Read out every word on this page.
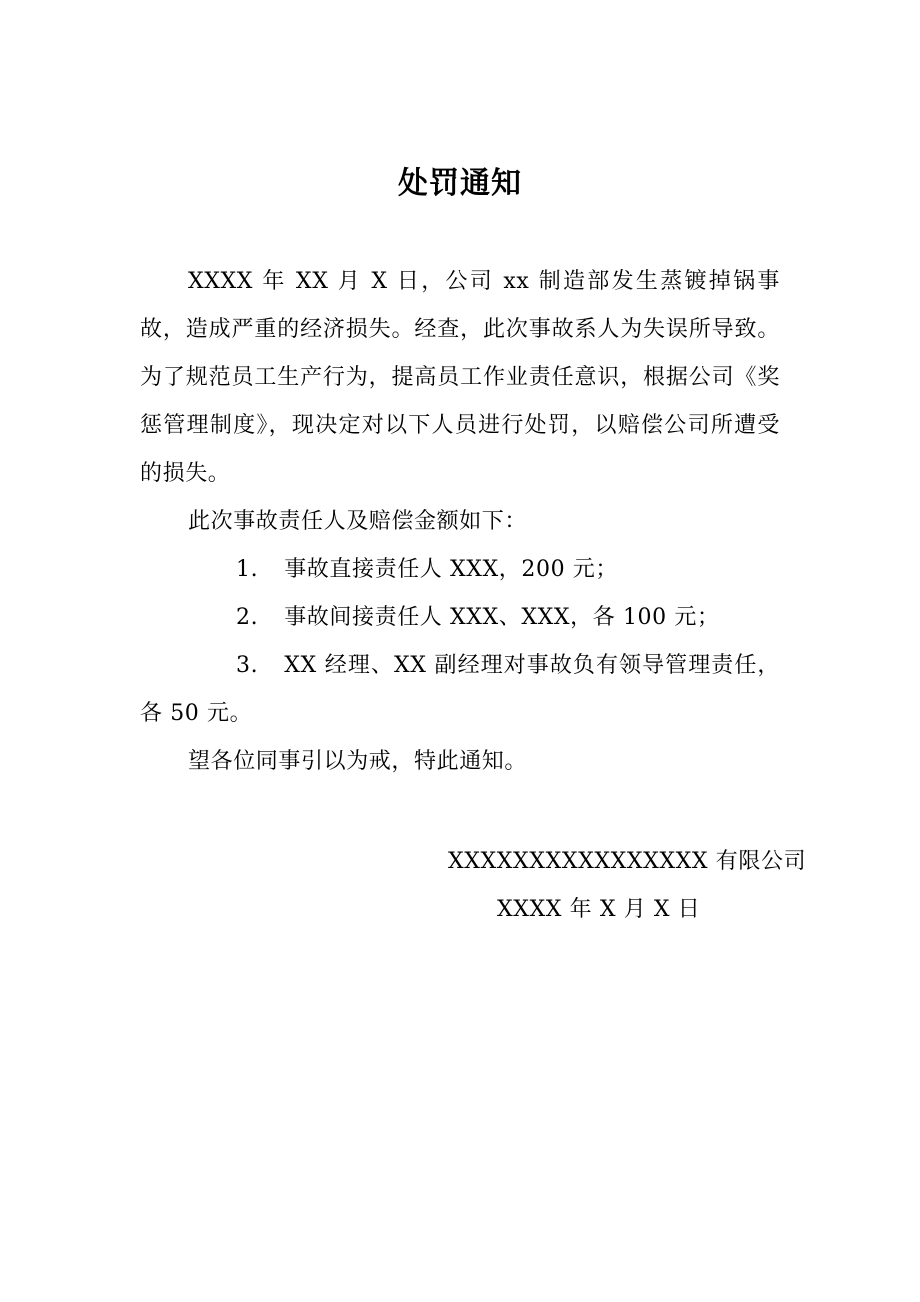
处罚通知

XXXX 年 XX 月 X 日，公司 xx 制造部发生蒸镀掉锅事故，造成严重的经济损失。经查，此次事故系人为失误所导致。为了规范员工生产行为，提高员工作业责任意识，根据公司《奖惩管理制度》，现决定对以下人员进行处罚，以赔偿公司所遭受的损失。

此次事故责任人及赔偿金额如下：

1. 事故直接责任人 XXX，200 元；

2. 事故间接责任人 XXX、XXX，各 100 元；

3. XX 经理、XX 副经理对事故负有领导管理责任，各 50 元。

望各位同事引以为戒，特此通知。

XXXXXXXXXXXXXXXX 有限公司
XXXX 年 X 月 X 日
